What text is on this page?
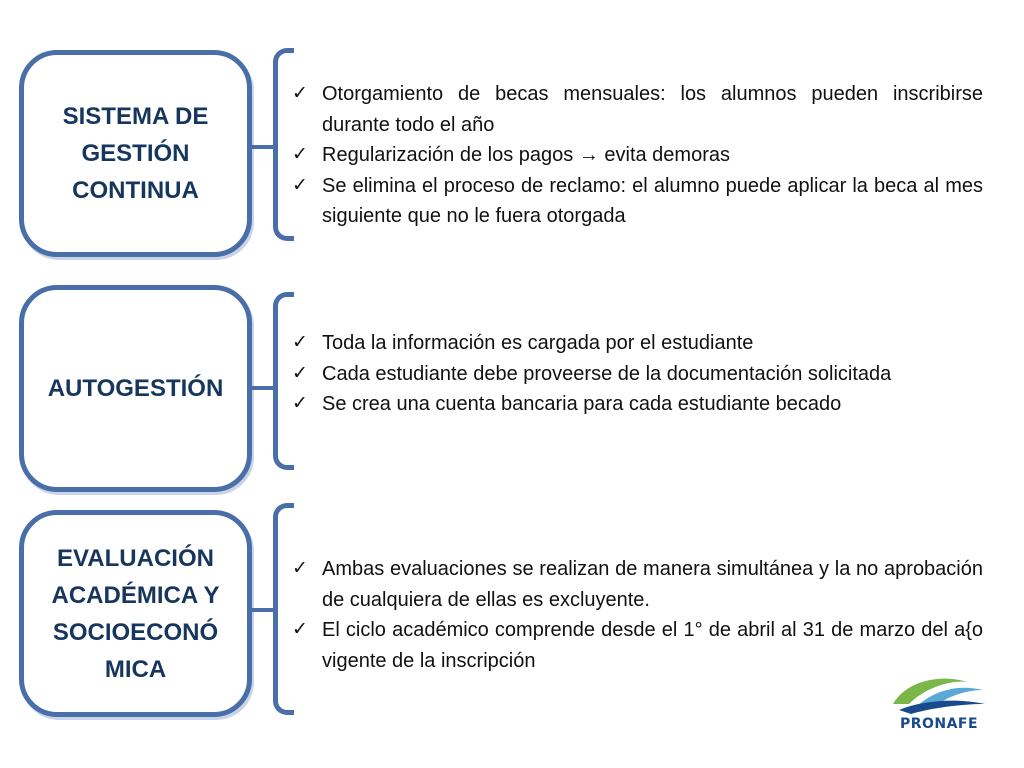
SISTEMA DE
GESTIÓN
CONTINUA
✓ Otorgamiento de becas mensuales: los alumnos pueden inscribirse durante todo el año
✓ Regularización de los pagos → evita demoras
✓ Se elimina el proceso de reclamo: el alumno puede aplicar la beca al mes siguiente que no le fuera otorgada
AUTOGESTIÓN
✓ Toda la información es cargada por el estudiante
✓ Cada estudiante debe proveerse de la documentación solicitada
✓ Se crea una cuenta bancaria para cada estudiante becado
EVALUACIÓN
ACADÉMICA Y
SOCIOECONÓ
MICA
✓ Ambas evaluaciones se realizan de manera simultánea y la no aprobación de cualquiera de ellas es excluyente.
✓ El ciclo académico comprende desde el 1° de abril al 31 de marzo del a{o vigente de la inscripción
PRONAFE
